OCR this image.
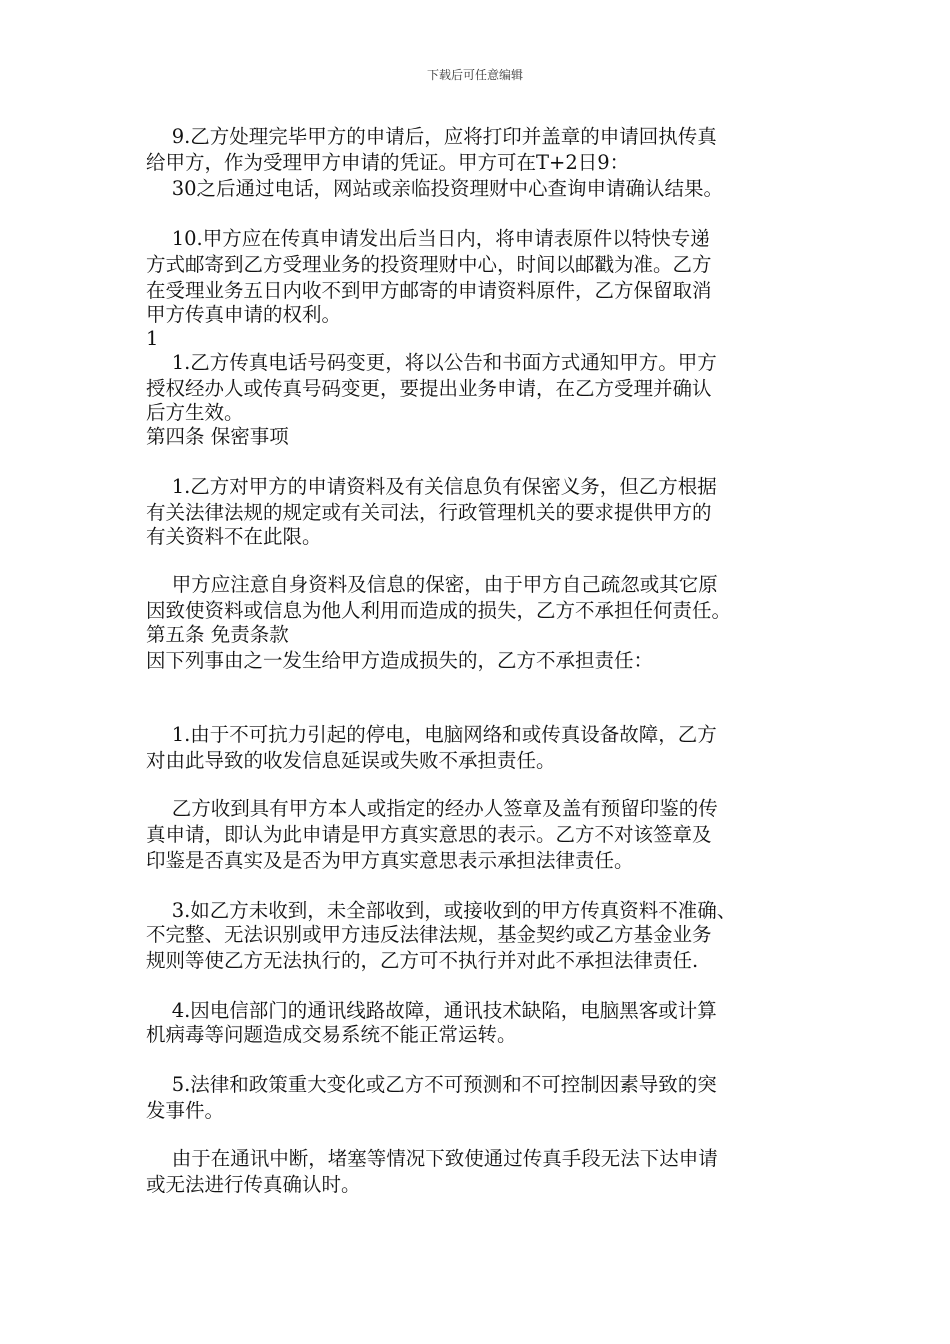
下载后可任意编辑
　 9.乙方处理完毕甲方的申请后，应将打印并盖章的申请回执传真
给甲方，作为受理甲方申请的凭证。甲方可在T+2日9：
　 30之后通过电话，网站或亲临投资理财中心查询申请确认结果。
　 10.甲方应在传真申请发出后当日内，将申请表原件以特快专递
方式邮寄到乙方受理业务的投资理财中心，时间以邮戳为准。乙方
在受理业务五日内收不到甲方邮寄的申请资料原件，乙方保留取消
甲方传真申请的权利。
1
　 1.乙方传真电话号码变更，将以公告和书面方式通知甲方。甲方
授权经办人或传真号码变更，要提出业务申请，在乙方受理并确认
后方生效。
第四条 保密事项
　 1.乙方对甲方的申请资料及有关信息负有保密义务，但乙方根据
有关法律法规的规定或有关司法，行政管理机关的要求提供甲方的
有关资料不在此限。
　 甲方应注意自身资料及信息的保密，由于甲方自己疏忽或其它原
因致使资料或信息为他人利用而造成的损失，乙方不承担任何责任。
第五条 免责条款
因下列事由之一发生给甲方造成损失的，乙方不承担责任：
　 1.由于不可抗力引起的停电，电脑网络和或传真设备故障，乙方
对由此导致的收发信息延误或失败不承担责任。
　 乙方收到具有甲方本人或指定的经办人签章及盖有预留印鉴的传
真申请，即认为此申请是甲方真实意思的表示。乙方不对该签章及
印鉴是否真实及是否为甲方真实意思表示承担法律责任。
　 3.如乙方未收到，未全部收到，或接收到的甲方传真资料不准确、
不完整、无法识别或甲方违反法律法规，基金契约或乙方基金业务
规则等使乙方无法执行的，乙方可不执行并对此不承担法律责任.
　 4.因电信部门的通讯线路故障，通讯技术缺陷，电脑黑客或计算
机病毒等问题造成交易系统不能正常运转。
　 5.法律和政策重大变化或乙方不可预测和不可控制因素导致的突
发事件。
　 由于在通讯中断，堵塞等情况下致使通过传真手段无法下达申请
或无法进行传真确认时。
